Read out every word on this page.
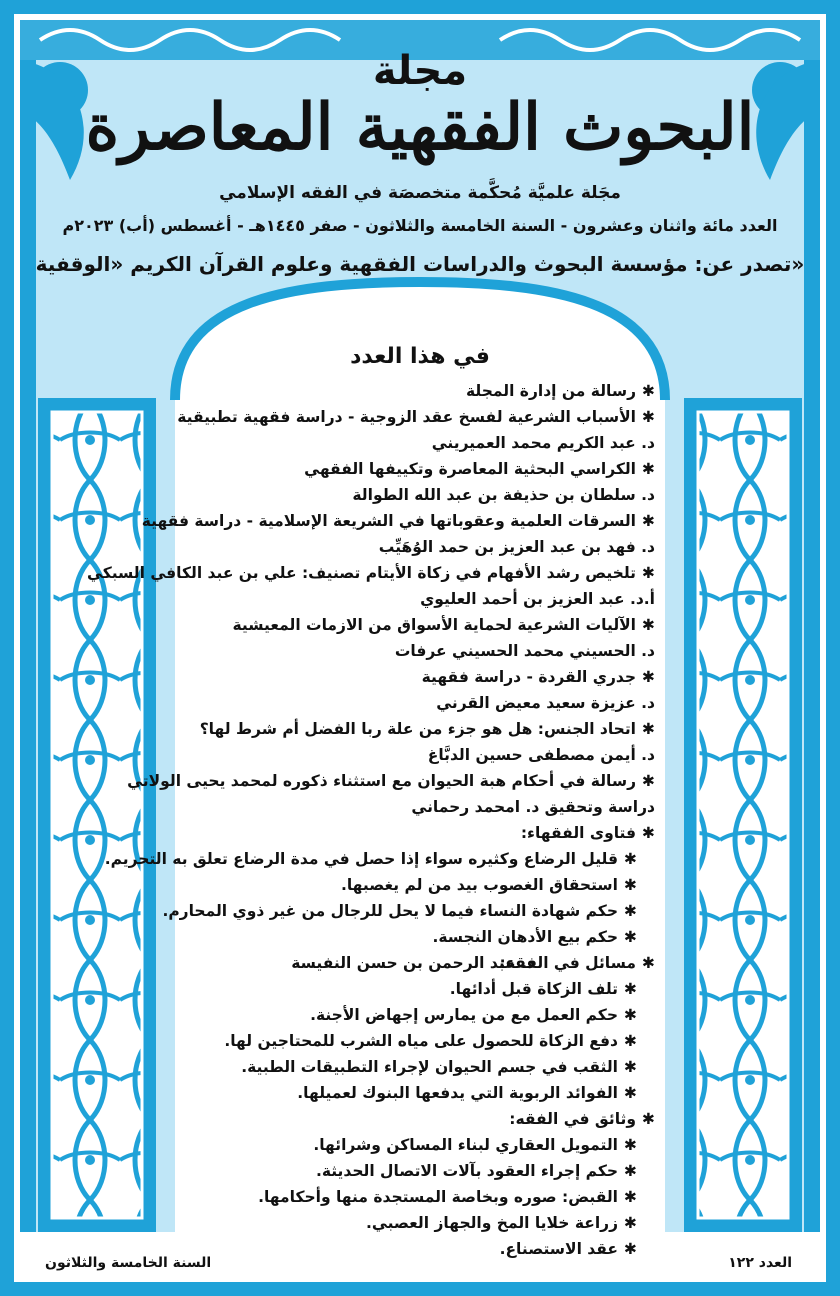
مجلة
البحوث الفقهية المعاصرة
مجَلة علميَّة مُحكَّمة متخصصَة في الفقه الإسلامي
العدد مائة واثنان وعشرون - السنة الخامسة والثلاثون - صفر ١٤٤٥هـ - أغسطس (أب) ٢٠٢٣م
تصدر عن: مؤسسة البحوث والدراسات الفقهية وعلوم القرآن الكريم «الوقفية»
في هذا العدد
✱رسالة من إدارة المجلة
✱الأسباب الشرعية لفسخ عقد الزوجية - دراسة فقهية تطبيقية
د. عبد الكريم محمد العميريني
✱الكراسي البحثية المعاصرة وتكييفها الفقهي
د. سلطان بن حذيفة بن عبد الله الطوالة
✱السرقات العلمية وعقوباتها في الشريعة الإسلامية - دراسة فقهية
د. فهد بن عبد العزيز بن حمد الوُهَيِّب
✱تلخيص رشد الأفهام في زكاة الأيتام تصنيف: علي بن عبد الكافي السبكي
أ.د. عبد العزيز بن أحمد العليوي
✱الآليات الشرعية لحماية الأسواق من الازمات المعيشية
د. الحسيني محمد الحسيني عرفات
✱جدري القردة - دراسة فقهية
د. عزيزة سعيد معيض القرني
✱اتحاد الجنس: هل هو جزء من علة ربا الفضل أم شرط لها؟
د. أيمن مصطفى حسين الدبَّاغ
✱رسالة في أحكام هبة الحيوان مع استثناء ذكوره لمحمد يحيى الولاتي
دراسة وتحقيق د. امحمد رحماني
✱فتاوى الفقهاء:
✱قليل الرضاع وكثيره سواء إذا حصل في مدة الرضاع تعلق به التحريم.
✱استحقاق الغصوب بيد من لم يغصبها.
✱حكم شهادة النساء فيما لا يحل للرجال من غير ذوي المحارم.
✱حكم بيع الأدهان النجسة.
✱مسائل في الفقه:
د. عبد الرحمن بن حسن النفيسة
✱تلف الزكاة قبل أدائها.
✱حكم العمل مع من يمارس إجهاض الأجنة.
✱دفع الزكاة للحصول على مياه الشرب للمحتاجين لها.
✱الثقب في جسم الحيوان لإجراء التطبيقات الطبية.
✱الفوائد الربوية التي يدفعها البنوك لعميلها.
✱وثائق في الفقه:
✱التمويل العقاري لبناء المساكن وشرائها.
✱حكم إجراء العقود بآلات الاتصال الحديثة.
✱القبض: صوره وبخاصة المستجدة منها وأحكامها.
✱زراعة خلايا المخ والجهاز العصبي.
✱عقد الاستصناع.
السنة الخامسة والثلاثون	العدد ١٢٢
